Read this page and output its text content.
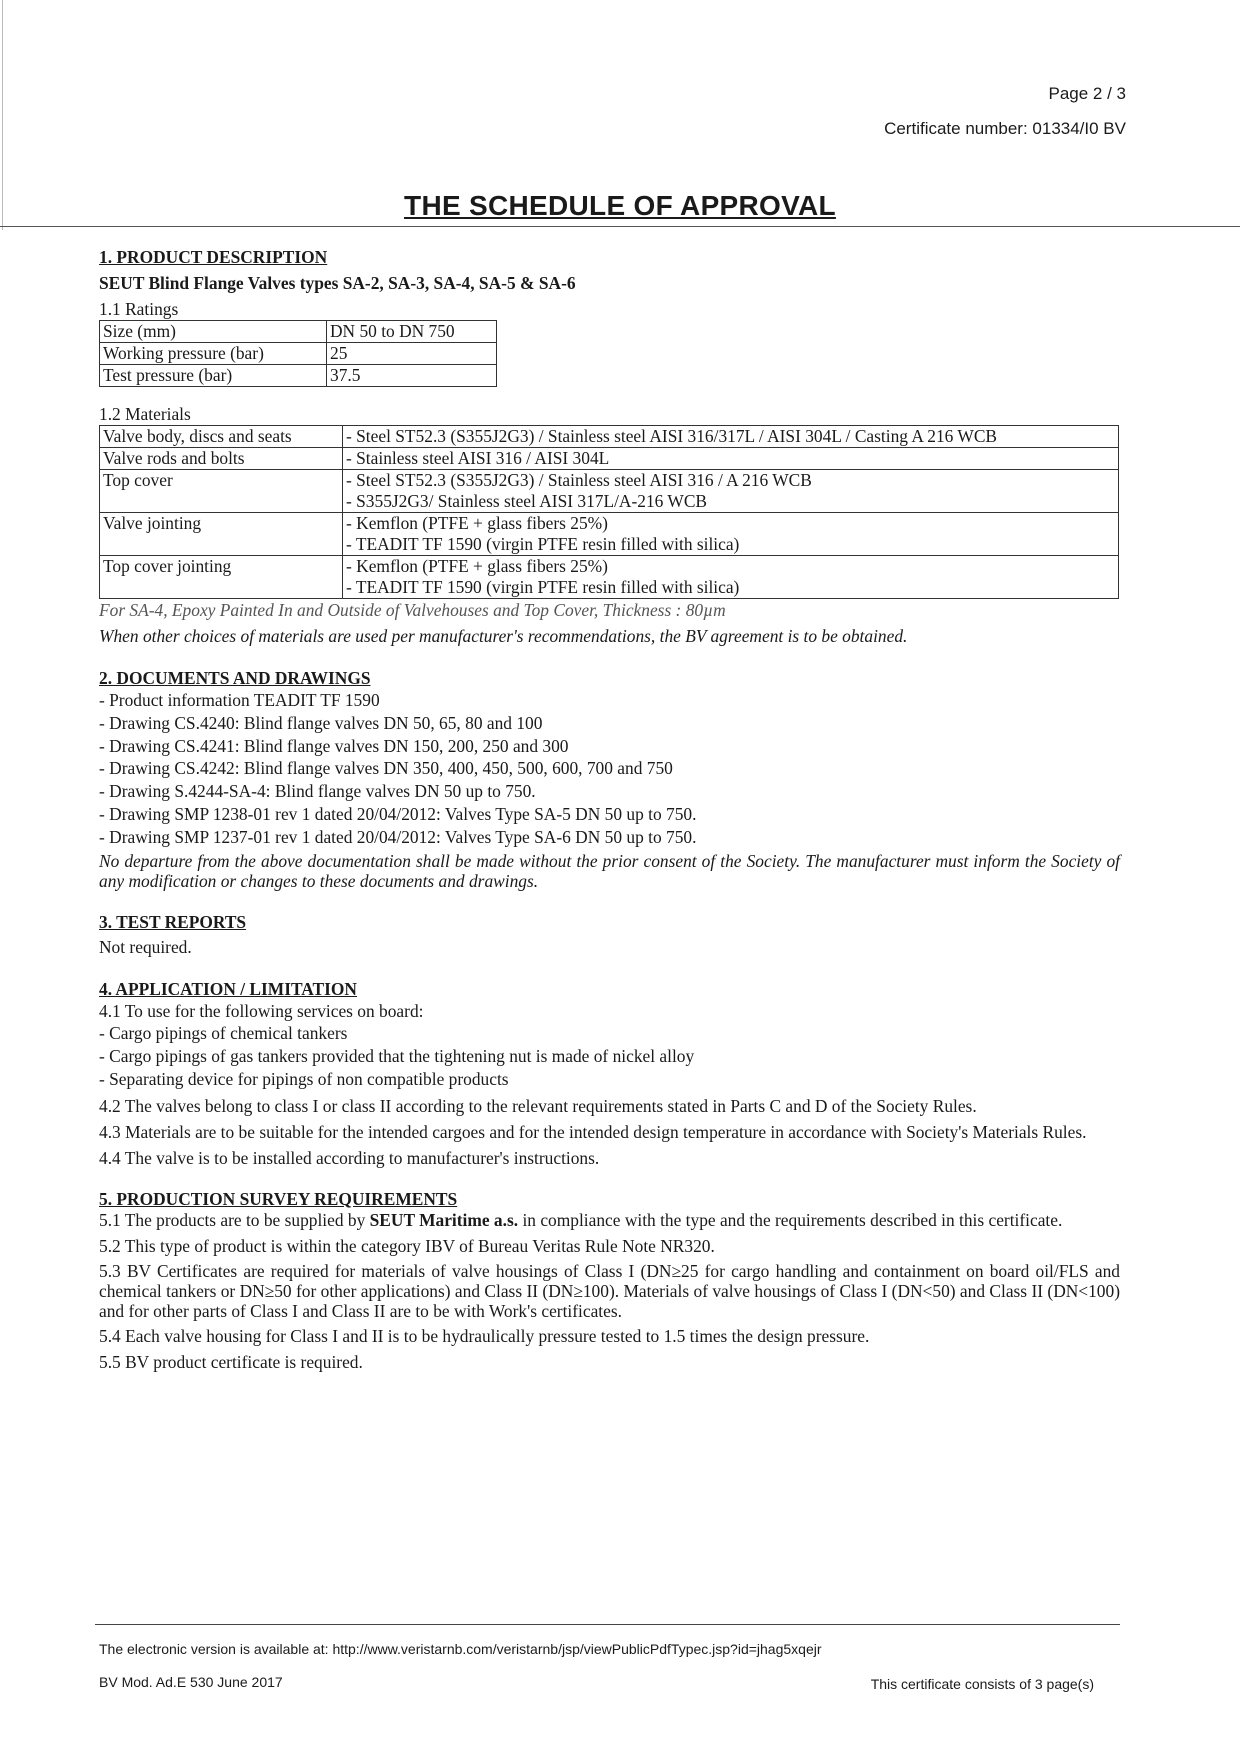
Page 2 / 3
Certificate number: 01334/I0 BV
THE SCHEDULE OF APPROVAL

1. PRODUCT DESCRIPTION

SEUT Blind Flange Valves types SA-2, SA-3, SA-4, SA-5 & SA-6

1.1 Ratings

Size (mm)	DN 50 to DN 750
Working pressure (bar)	25
Test pressure (bar)	37.5

1.2 Materials

Valve body, discs and seats	- Steel ST52.3 (S355J2G3) / Stainless steel AISI 316/317L / AISI 304L / Casting A 216 WCB

Valve rods and bolts	- Stainless steel AISI 316 / AISI 304L

Top cover	- Steel ST52.3 (S355J2G3) / Stainless steel AISI 316 / A 216 WCB
- S355J2G3/ Stainless steel AISI 317L/A-216 WCB

Valve jointing	- Kemflon (PTFE + glass fibers 25%)
- TEADIT TF 1590 (virgin PTFE resin filled with silica)

Top cover jointing	- Kemflon (PTFE + glass fibers 25%)
- TEADIT TF 1590 (virgin PTFE resin filled with silica)

For SA-4, Epoxy Painted In and Outside of Valvehouses and Top Cover, Thickness : 80µm

When other choices of materials are used per manufacturer's recommendations, the BV agreement is to be obtained.

2. DOCUMENTS AND DRAWINGS

- Product information TEADIT TF 1590
- Drawing CS.4240: Blind flange valves DN 50, 65, 80 and 100
- Drawing CS.4241: Blind flange valves DN 150, 200, 250 and 300
- Drawing CS.4242: Blind flange valves DN 350, 400, 450, 500, 600, 700 and 750
- Drawing S.4244-SA-4: Blind flange valves DN 50 up to 750.
- Drawing SMP 1238-01 rev 1 dated 20/04/2012: Valves Type SA-5 DN 50 up to 750.
- Drawing SMP 1237-01 rev 1 dated 20/04/2012: Valves Type SA-6 DN 50 up to 750.

No departure from the above documentation shall be made without the prior consent of the Society. The manufacturer must inform the Society of any modification or changes to these documents and drawings.

3. TEST REPORTS

Not required.

4. APPLICATION / LIMITATION

4.1 To use for the following services on board:
- Cargo pipings of chemical tankers
- Cargo pipings of gas tankers provided that the tightening nut is made of nickel alloy
- Separating device for pipings of non compatible products

4.2 The valves belong to class I or class II according to the relevant requirements stated in Parts C and D of the Society Rules.

4.3 Materials are to be suitable for the intended cargoes and for the intended design temperature in accordance with Society's Materials Rules.

4.4 The valve is to be installed according to manufacturer's instructions.

5. PRODUCTION SURVEY REQUIREMENTS

5.1 The products are to be supplied by SEUT Maritime a.s. in compliance with the type and the requirements described in this certificate.

5.2 This type of product is within the category IBV of Bureau Veritas Rule Note NR320.

5.3 BV Certificates are required for materials of valve housings of Class I (DN≥25 for cargo handling and containment on board oil/FLS and chemical tankers or DN≥50 for other applications) and Class II (DN≥100). Materials of valve housings of Class I (DN<50) and Class II (DN<100) and for other parts of Class I and Class II are to be with Work's certificates.

5.4 Each valve housing for Class I and II is to be hydraulically pressure tested to 1.5 times the design pressure.

5.5 BV product certificate is required.

The electronic version is available at: http://www.veristarnb.com/veristarnb/jsp/viewPublicPdfTypec.jsp?id=jhag5xqejr
BV Mod. Ad.E 530 June 2017	This certificate consists of 3 page(s)
